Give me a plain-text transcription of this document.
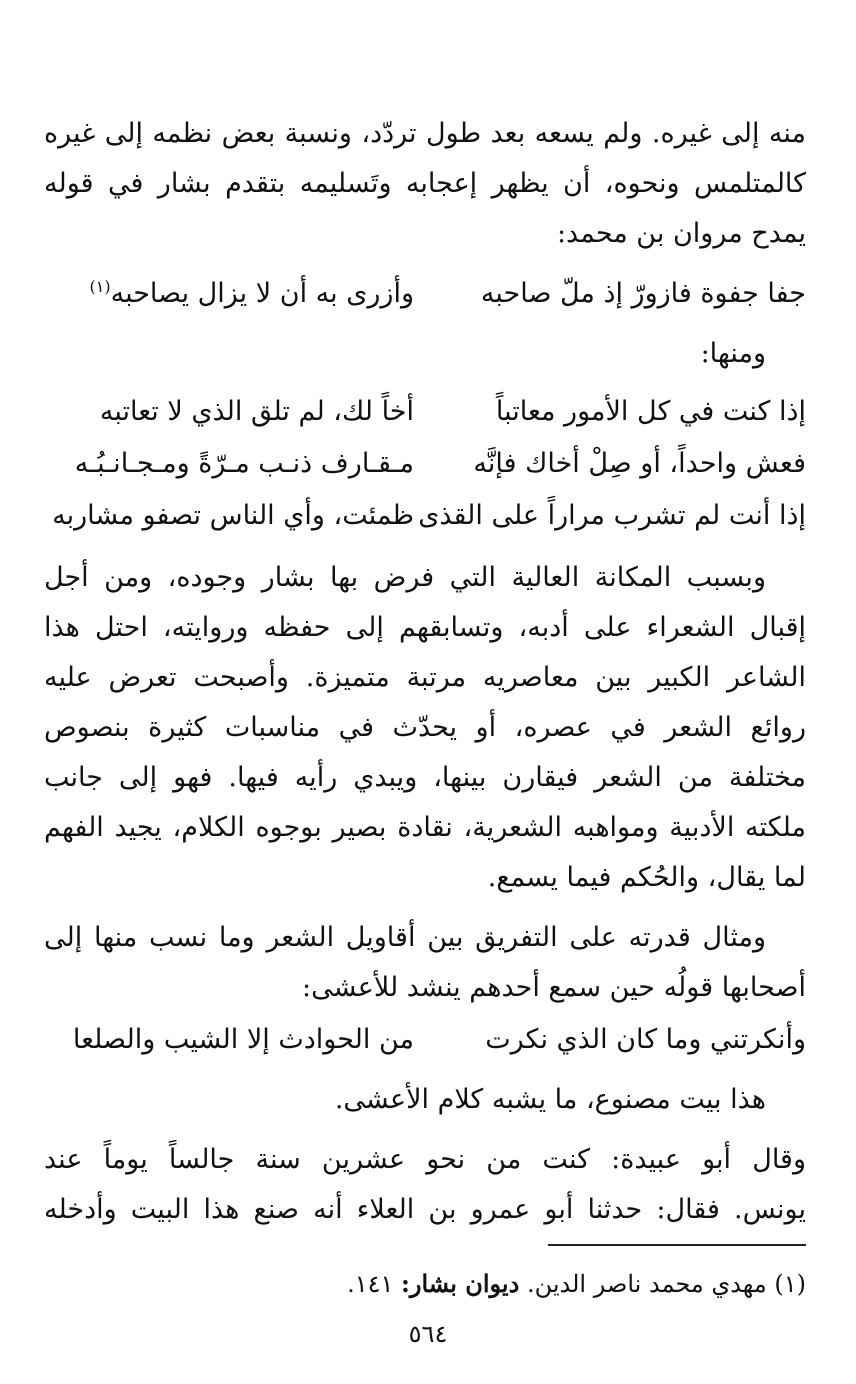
منه إلى غيره. ولم يسعه بعد طول تردّد، ونسبة بعض نظمه إلى غيره
كالمتلمس ونحوه، أن يظهر إعجابه وتَسليمه بتقدم بشار في قوله
يمدح مروان بن محمد:
جفا جفوة فازورّ إذ ملّ صاحبه
وأزرى به أن لا يزال يصاحبه$^{(١)}$
ومنها:
إذا كنت في كل الأمور معاتباً
أخاً لك، لم تلق الذي لا تعاتبه
فعش واحداً، أو صِلْ أخاك فإنَّه
مـقـارف ذنـب مـرّةً ومـجـانـبُـه
إذا أنت لم تشرب مراراً على القذى
ظمئت، وأي الناس تصفو مشاربه
وبسبب المكانة العالية التي فرض بها بشار وجوده، ومن أجل
إقبال الشعراء على أدبه، وتسابقهم إلى حفظه وروايته، احتل هذا
الشاعر الكبير بين معاصريه مرتبة متميزة. وأصبحت تعرض عليه
روائع الشعر في عصره، أو يحدّث في مناسبات كثيرة بنصوص
مختلفة من الشعر فيقارن بينها، ويبدي رأيه فيها. فهو إلى جانب
ملكته الأدبية ومواهبه الشعرية، نقادة بصير بوجوه الكلام، يجيد الفهم
لما يقال، والحُكم فيما يسمع.
ومثال قدرته على التفريق بين أقاويل الشعر وما نسب منها إلى
أصحابها قولُه حين سمع أحدهم ينشد للأعشى:
وأنكرتني وما كان الذي نكرت
من الحوادث إلا الشيب والصلعا
هذا بيت مصنوع، ما يشبه كلام الأعشى.
وقال أبو عبيدة: كنت من نحو عشرين سنة جالساً يوماً عند
يونس. فقال: حدثنا أبو عمرو بن العلاء أنه صنع هذا البيت وأدخله
(١) مهدي محمد ناصر الدين. ديوان بشار: ١٤١.
٥٦٤
